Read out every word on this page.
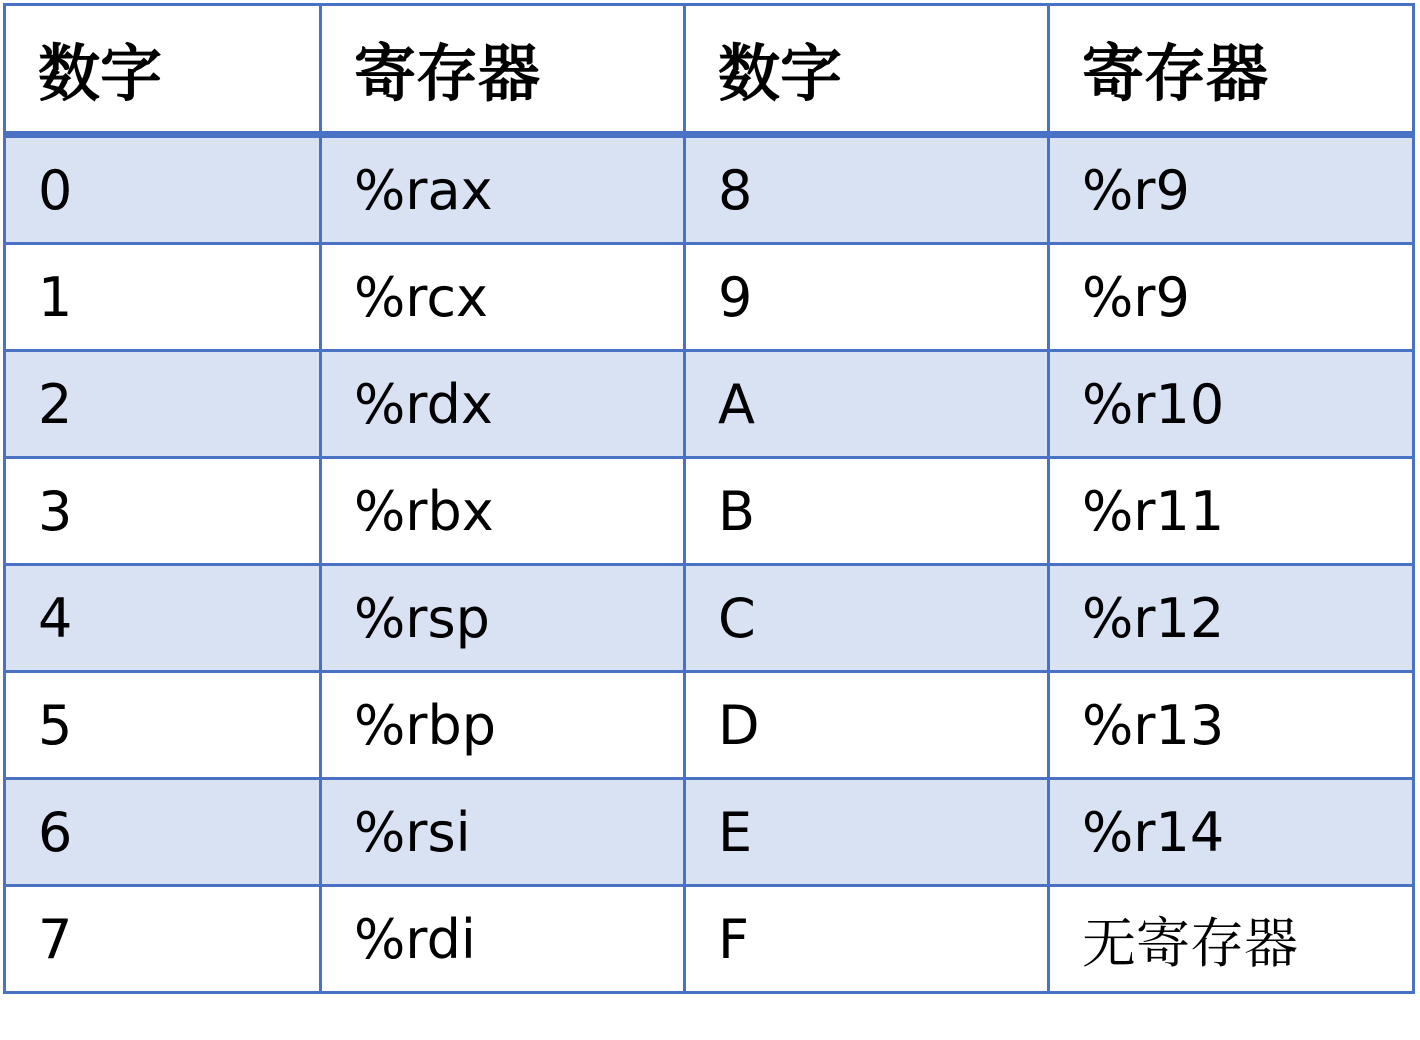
数字	寄存器	数字	寄存器
0	%rax	8	%r9
1	%rcx	9	%r9
2	%rdx	A	%r10
3	%rbx	B	%r11
4	%rsp	C	%r12
5	%rbp	D	%r13
6	%rsi	E	%r14
7	%rdi	F	无寄存器
